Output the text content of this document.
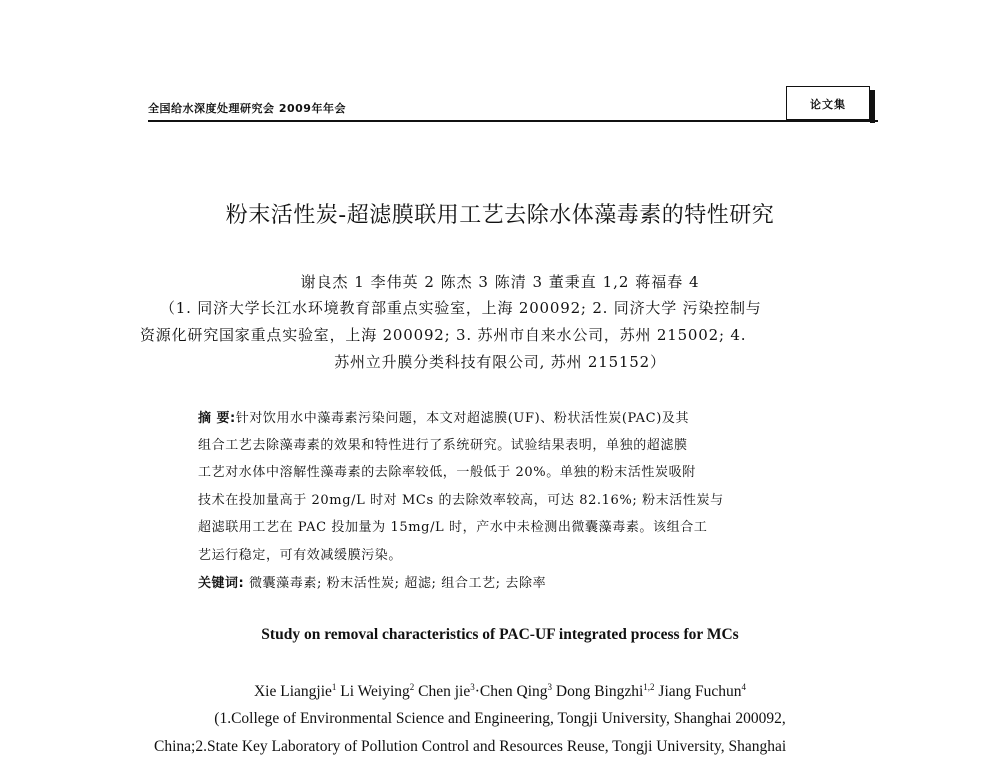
全国给水深度处理研究会 2009年年会	论文集
粉末活性炭-超滤膜联用工艺去除水体藻毒素的特性研究
谢良杰 1 李伟英 2 陈杰 3 陈清 3 董秉直 1,2 蒋福春 4
（1. 同济大学长江水环境教育部重点实验室，上海 200092; 2. 同济大学 污染控制与
资源化研究国家重点实验室，上海 200092; 3. 苏州市自来水公司，苏州 215002; 4.
苏州立升膜分类科技有限公司, 苏州 215152）
摘 要:针对饮用水中藻毒素污染问题，本文对超滤膜(UF)、粉状活性炭(PAC)及其
组合工艺去除藻毒素的效果和特性进行了系统研究。试验结果表明，单独的超滤膜
工艺对水体中溶解性藻毒素的去除率较低，一般低于 20%。单独的粉末活性炭吸附
技术在投加量高于 20mg/L 时对 MCs 的去除效率较高，可达 82.16%; 粉末活性炭与
超滤联用工艺在 PAC 投加量为 15mg/L 时，产水中未检测出微囊藻毒素。该组合工
艺运行稳定，可有效减缓膜污染。
关键词: 微囊藻毒素; 粉末活性炭; 超滤; 组合工艺; 去除率
Study on removal characteristics of PAC-UF integrated process for MCs
Xie Liangjie$^1$ Li Weiying$^2$ Chen jie$^3$·Chen Qing$^3$ Dong Bingzhi$^{1,2}$ Jiang Fuchun$^4$
(1.College of Environmental Science and Engineering, Tongji University, Shanghai 200092,
China;2.State Key Laboratory of Pollution Control and Resources Reuse, Tongji University, Shanghai
